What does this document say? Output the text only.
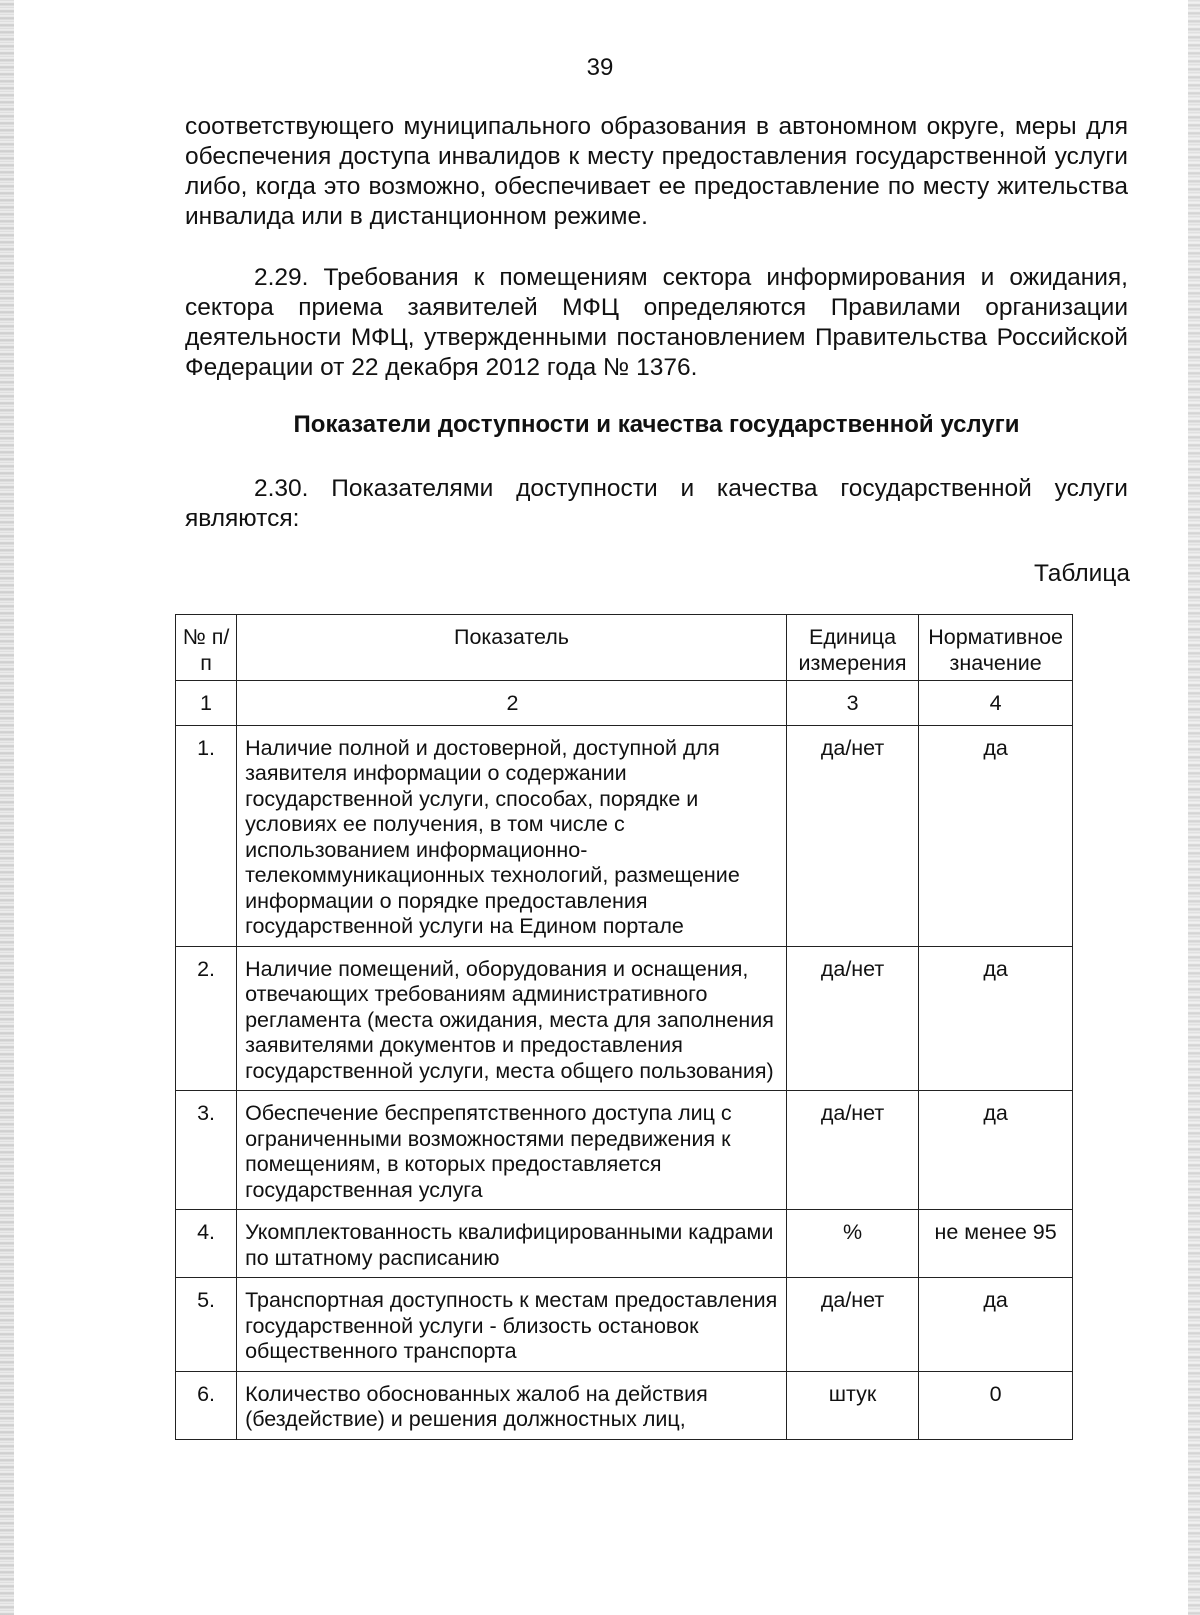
39

соответствующего муниципального образования в автономном округе, меры для обеспечения доступа инвалидов к месту предоставления государственной услуги либо, когда это возможно, обеспечивает ее предоставление по месту жительства инвалида или в дистанционном режиме.

2.29. Требования к помещениям сектора информирования и ожидания, сектора приема заявителей МФЦ определяются Правилами организации деятельности МФЦ, утвержденными постановлением Правительства Российской Федерации от 22 декабря 2012 года № 1376.

Показатели доступности и качества государственной услуги

2.30. Показателями доступности и качества государственной услуги являются:

Таблица
№ п/п	Показатель	Единица измерения	Нормативное значение
1	2	3	4
1.	Наличие полной и достоверной, доступной для заявителя информации о содержании государственной услуги, способах, порядке и условиях ее получения, в том числе с использованием информационно-телекоммуникационных технологий, размещение информации о порядке предоставления государственной услуги на Едином портале	да/нет	да
2.	Наличие помещений, оборудования и оснащения, отвечающих требованиям административного регламента (места ожидания, места для заполнения заявителями документов и предоставления государственной услуги, места общего пользования)	да/нет	да
3.	Обеспечение беспрепятственного доступа лиц с ограниченными возможностями передвижения к помещениям, в которых предоставляется государственная услуга	да/нет	да
4.	Укомплектованность квалифицированными кадрами по штатному расписанию	%	не менее 95
5.	Транспортная доступность к местам предоставления государственной услуги - близость остановок общественного транспорта	да/нет	да
6.	Количество обоснованных жалоб на действия (бездействие) и решения должностных лиц,	штук	0
